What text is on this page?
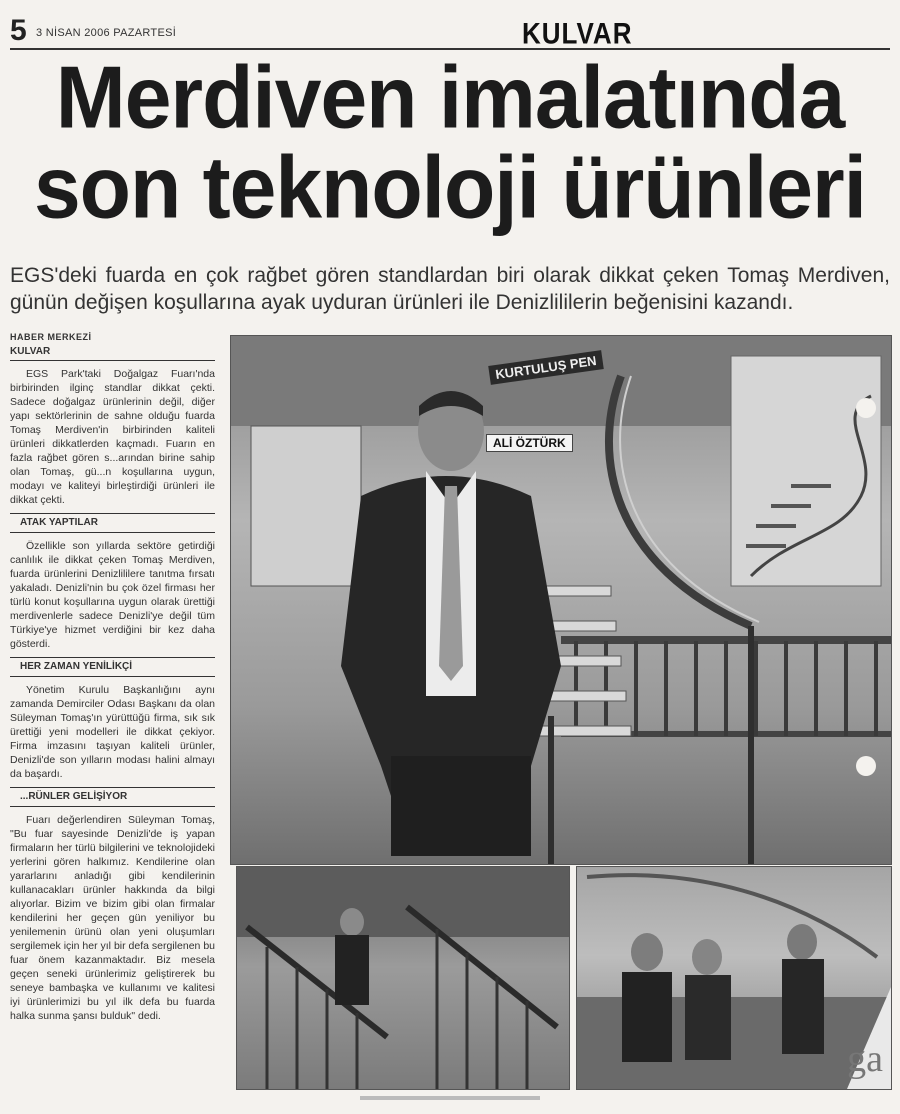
5 3 NİSAN 2006 PAZARTESİ	KULVAR
Merdiven imalatında
son teknoloji ürünleri
EGS'deki fuarda en çok rağbet gören standlardan biri olarak dikkat çeken Tomaş Merdiven, günün değişen koşullarına ayak uyduran ürünleri ile Denizlililerin beğenisini kazandı.
HABER MERKEZİ
KULVAR

EGS Park'taki Doğalgaz Fuarı'nda birbirinden ilginç standlar dikkat çekti. Sadece doğalgaz ürünlerinin değil, diğer yapı sektörlerinin de sahne olduğu fuarda Tomaş Merdiven'in birbirinden kaliteli ürünleri dikkatlerden kaçmadı. Fuarın en fazla rağbet gören s...arından birine sahip olan Tomaş, gü...n koşullarına uygun, modayı ve kaliteyi birleştirdiği ürünleri ile dikkat çekti.

ATAK YAPTILAR

Özellikle son yıllarda sektöre getirdiği canlılık ile dikkat çeken Tomaş Merdiven, fuarda ürünlerini Denizlililere tanıtma fırsatı yakaladı. Denizli'nin bu çok özel firması her türlü konut koşullarına uygun olarak ürettiği merdivenlerle sadece Denizli'ye değil tüm Türkiye'ye hizmet verdiğini bir kez daha gösterdi.

HER ZAMAN YENİLİKÇİ

Yönetim Kurulu Başkanlığını aynı zamanda Demirciler Odası Başkanı da olan Süleyman Tomaş'ın yürüttüğü firma, sık sık ürettiği yeni modelleri ile dikkat çekiyor. Firma imzasını taşıyan kaliteli ürünler, Denizli'de son yılların modası halini almayı da başardı.

...RÜNLER GELİŞİYOR

Fuarı değerlendiren Süleyman Tomaş, "Bu fuar sayesinde Denizli'de iş yapan firmaların her türlü bilgilerini ve teknolojideki yerlerini gören halkımız. Kendilerine olan yararlarını anladığı gibi kendilerinin kullanacakları ürünler hakkında da bilgi alıyorlar. Bizim ve bizim gibi olan firmalar kendilerini her geçen gün yeniliyor bu yenilemenin ürünü olan yeni oluşumları sergilemek için her yıl bir defa sergilenen bu fuar önem kazanmaktadır. Biz mesela geçen seneki ürünlerimiz geliştirerek bu seneye bambaşka ve kullanımı ve kalitesi iyi ürünlerimizi bu yıl ilk defa bu fuarda halka sunma şansı bulduk" dedi.

KURTULUŞ PEN
ALİ ÖZTÜRK
ga
